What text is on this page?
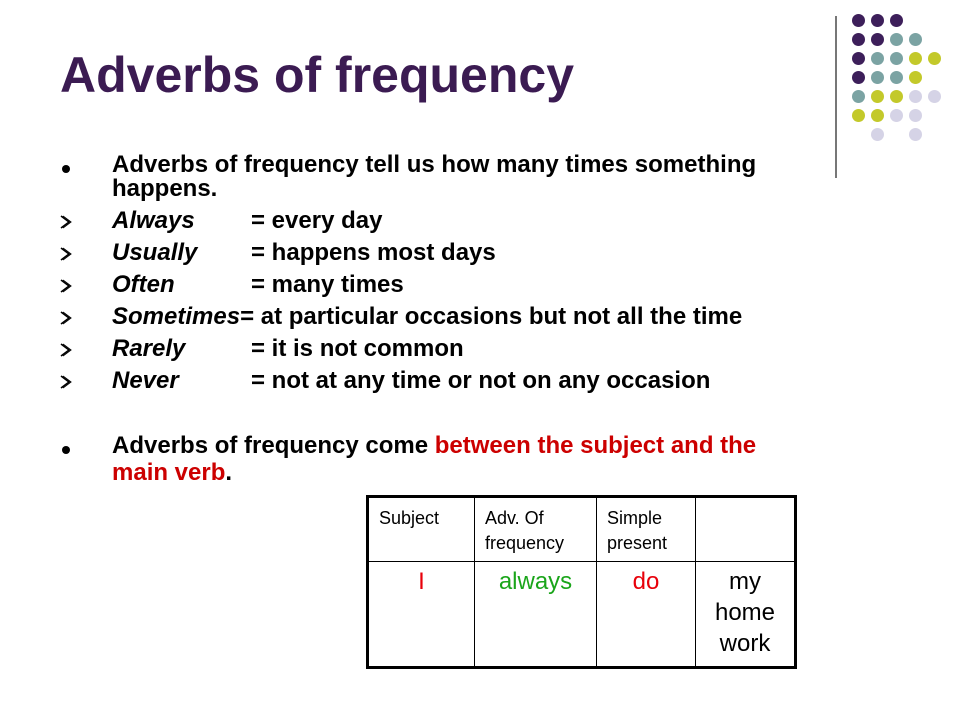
Adverbs of frequency
Adverbs of frequency tell us how many times something
happens.
Always = every day
Usually = happens most days
Often	= many times
Sometimes= at particular occasions but not all the time
Rarely	= it is not common
Never	= not at any time or not on any occasion
Adverbs of frequency come between the subject and the
main verb.
Subject	Adv. Of frequency	Simple present	
I	always	do	my home work
